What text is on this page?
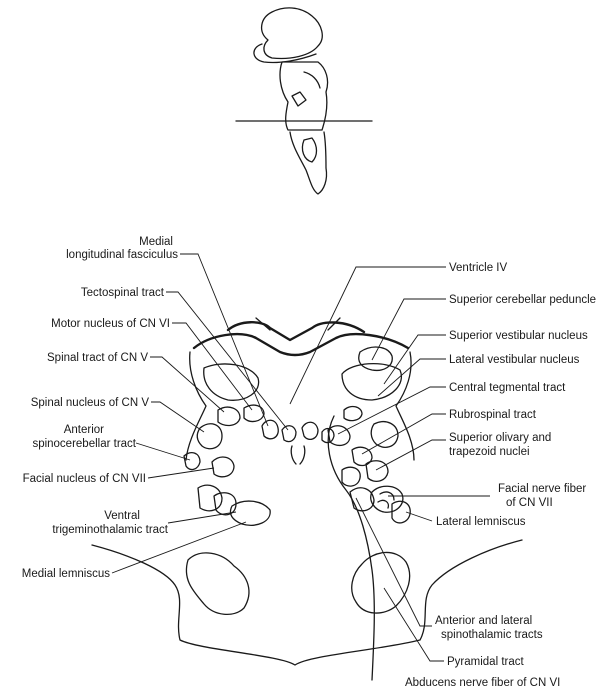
Medial
longitudinal fasciculus
Tectospinal tract
Motor nucleus of CN VI
Spinal tract of CN V
Spinal nucleus of CN V
Anterior
spinocerebellar tract
Facial nucleus of CN VII
Ventral
trigeminothalamic tract
Medial lemniscus
Ventricle IV
Superior cerebellar peduncle
Superior vestibular nucleus
Lateral vestibular nucleus
Central tegmental tract
Rubrospinal tract
Superior olivary and
trapezoid nuclei
Facial nerve fiber
of CN VII
Lateral lemniscus
Anterior and lateral
spinothalamic tracts
Pyramidal tract
Abducens nerve fiber of CN VI
